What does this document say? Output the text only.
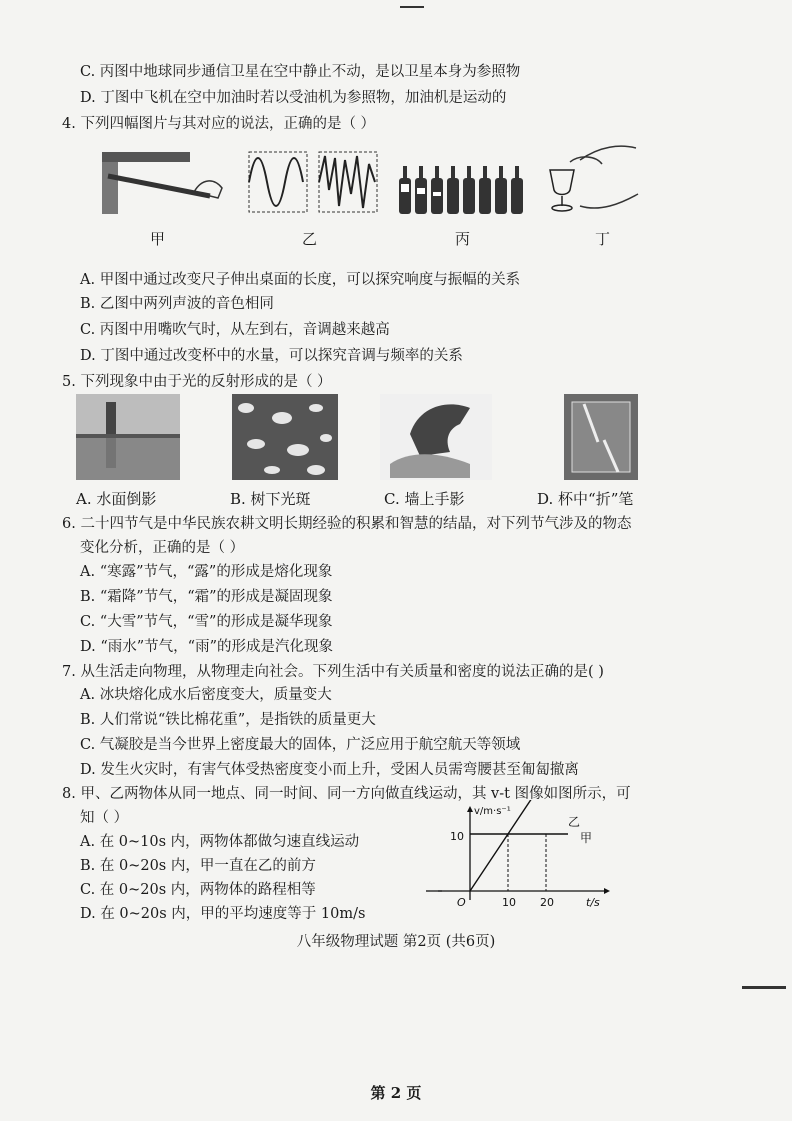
C. 丙图中地球同步通信卫星在空中静止不动，是以卫星本身为参照物
D. 丁图中飞机在空中加油时若以受油机为参照物，加油机是运动的
4. 下列四幅图片与其对应的说法，正确的是（ ）
甲	乙	丙	丁
A. 甲图中通过改变尺子伸出桌面的长度，可以探究响度与振幅的关系
B. 乙图中两列声波的音色相同
C. 丙图中用嘴吹气时，从左到右，音调越来越高
D. 丁图中通过改变杯中的水量，可以探究音调与频率的关系
5. 下列现象中由于光的反射形成的是（ ）
A. 水面倒影	B. 树下光斑	C. 墙上手影	D. 杯中“折”笔
6. 二十四节气是中华民族农耕文明长期经验的积累和智慧的结晶，对下列节气涉及的物态
变化分析，正确的是（ ）
A. “寒露”节气，“露”的形成是熔化现象
B. “霜降”节气，“霜”的形成是凝固现象
C. “大雪”节气，“雪”的形成是凝华现象
D. “雨水”节气，“雨”的形成是汽化现象
7. 从生活走向物理，从物理走向社会。下列生活中有关质量和密度的说法正确的是( )
A. 冰块熔化成水后密度变大，质量变大
B. 人们常说“铁比棉花重”，是指铁的质量更大
C. 气凝胶是当今世界上密度最大的固体，广泛应用于航空航天等领域
D. 发生火灾时，有害气体受热密度变小而上升，受困人员需弯腰甚至匍匐撤离
8. 甲、乙两物体从同一地点、同一时间、同一方向做直线运动，其 v-t 图像如图所示，可
知（ ）
A. 在 0~10s 内，两物体都做匀速直线运动
B. 在 0~20s 内，甲一直在乙的前方
C. 在 0~20s 内，两物体的路程相等
D. 在 0~20s 内，甲的平均速度等于 10m/s
v/m·s⁻¹
t/s
O
10
10 20
乙
甲
八年级物理试题 第2页 (共6页)
第 2 页
